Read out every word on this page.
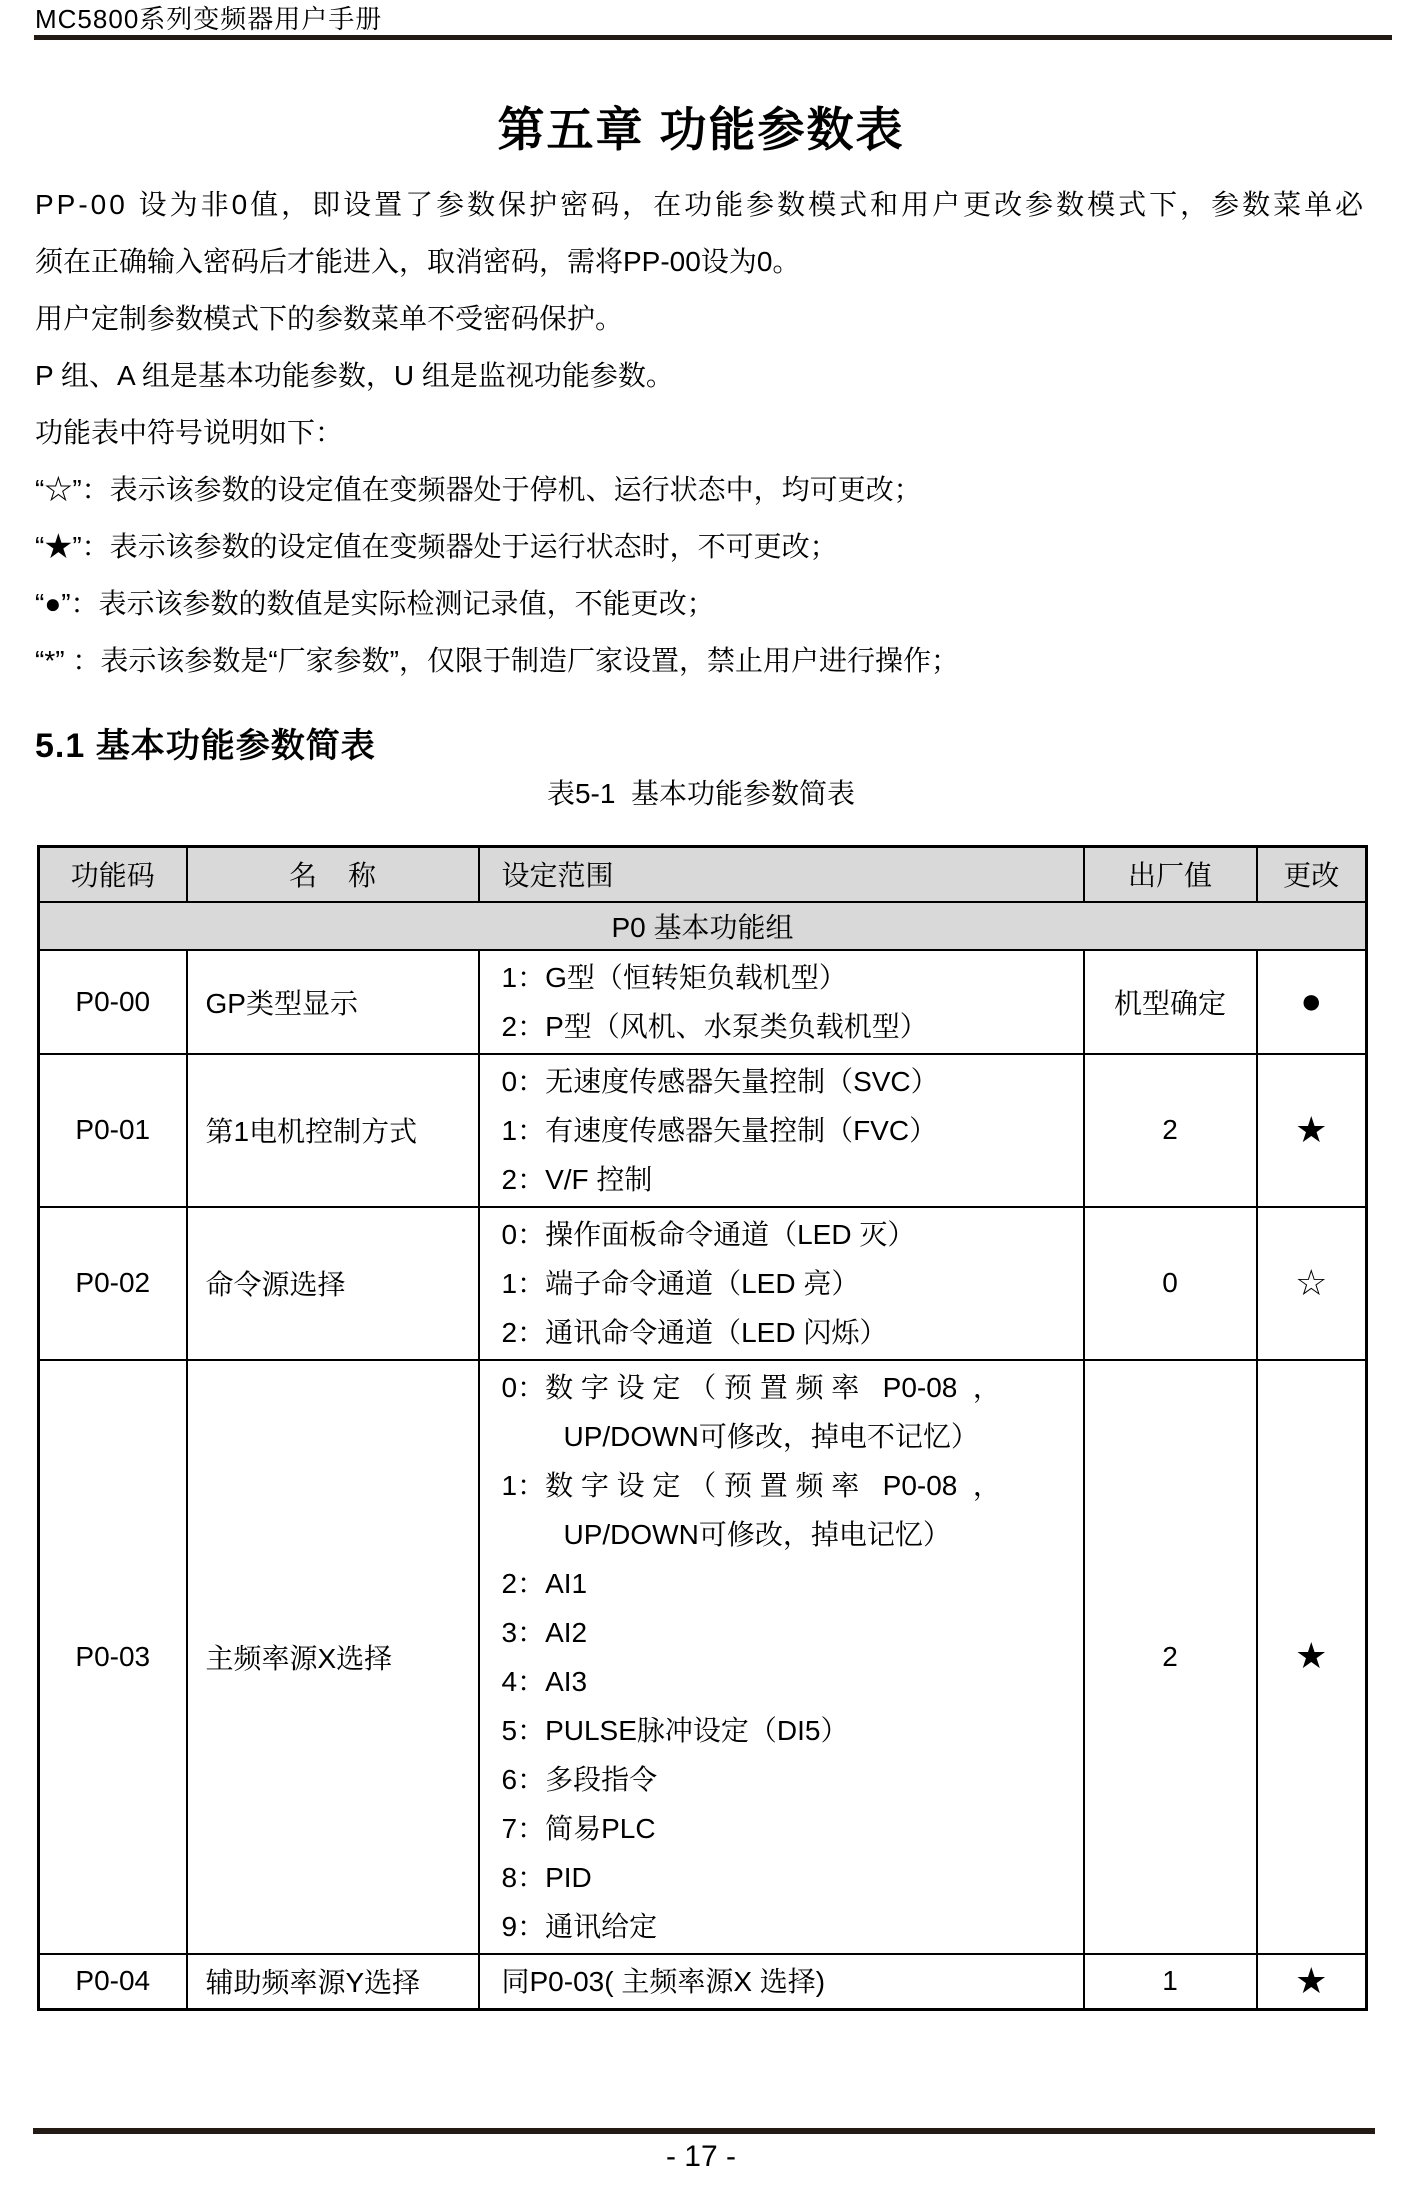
MC5800系列变频器用户手册
第五章 功能参数表
PP-00 设为非0值，即设置了参数保护密码，在功能参数模式和用户更改参数模式下，参数菜单必
须在正确输入密码后才能进入，取消密码，需将PP-00设为0。
用户定制参数模式下的参数菜单不受密码保护。
P 组、A 组是基本功能参数，U 组是监视功能参数。
功能表中符号说明如下：
“☆”：表示该参数的设定值在变频器处于停机、运行状态中，均可更改；
“★”：表示该参数的设定值在变频器处于运行状态时，不可更改；
“●”：表示该参数的数值是实际检测记录值，不能更改；
“*” ：表示该参数是“厂家参数”，仅限于制造厂家设置，禁止用户进行操作；
5.1 基本功能参数简表
表5-1  基本功能参数简表
功能码	名    称	设定范围	出厂值	更改
P0 基本功能组				
P0-00	GP类型显示	1：G型（恒转矩负载机型）
2：P型（风机、水泵类负载机型）	机型确定	●
P0-01	第1电机控制方式	0：无速度传感器矢量控制（SVC）
1：有速度传感器矢量控制（FVC）
2：V/F 控制	2	★
P0-02	命令源选择	0：操作面板命令通道（LED 灭）
1：端子命令通道（LED 亮）
2：通讯命令通道（LED 闪烁）	0	☆
P0-03	主频率源X选择	
0：数 字 设 定 （ 预 置 频 率   P0-08  ，
UP/DOWN可修改，掉电不记忆）
1：数 字 设 定 （ 预 置 频 率   P0-08  ，
UP/DOWN可修改，掉电记忆）
2：AI1
3：AI2
4：AI3
5：PULSE脉冲设定（DI5）
6：多段指令
7：简易PLC
8：PID
9：通讯给定
	2	★
P0-04	辅助频率源Y选择	同P0-03( 主频率源X 选择)	1	★
- 17 -
